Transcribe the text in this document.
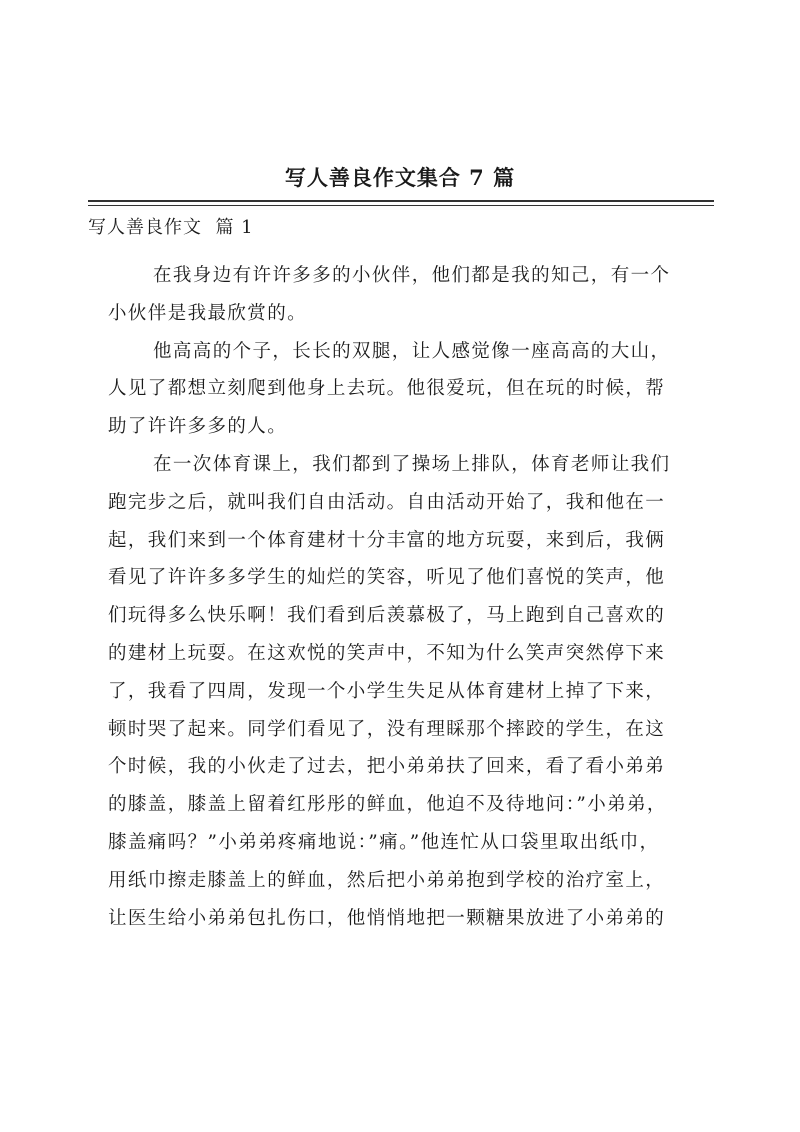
写人善良作文集合 7 篇
写人善良作文  篇 1
在我身边有许许多多的小伙伴，他们都是我的知己，有一个
小伙伴是我最欣赏的。
他高高的个子，长长的双腿，让人感觉像一座高高的大山，
人见了都想立刻爬到他身上去玩。他很爱玩，但在玩的时候，帮
助了许许多多的人。
在一次体育课上，我们都到了操场上排队，体育老师让我们
跑完步之后，就叫我们自由活动。自由活动开始了，我和他在一
起，我们来到一个体育建材十分丰富的地方玩耍，来到后，我俩
看见了许许多多学生的灿烂的笑容，听见了他们喜悦的笑声，他
们玩得多么快乐啊！我们看到后羡慕极了，马上跑到自己喜欢的
的建材上玩耍。在这欢悦的笑声中，不知为什么笑声突然停下来
了，我看了四周，发现一个小学生失足从体育建材上掉了下来，
顿时哭了起来。同学们看见了，没有理睬那个摔跤的学生，在这
个时候，我的小伙走了过去，把小弟弟扶了回来，看了看小弟弟
的膝盖，膝盖上留着红彤彤的鲜血，他迫不及待地问：”小弟弟，
膝盖痛吗？”小弟弟疼痛地说：”痛。”他连忙从口袋里取出纸巾，
用纸巾擦走膝盖上的鲜血，然后把小弟弟抱到学校的治疗室上，
让医生给小弟弟包扎伤口，他悄悄地把一颗糖果放进了小弟弟的
